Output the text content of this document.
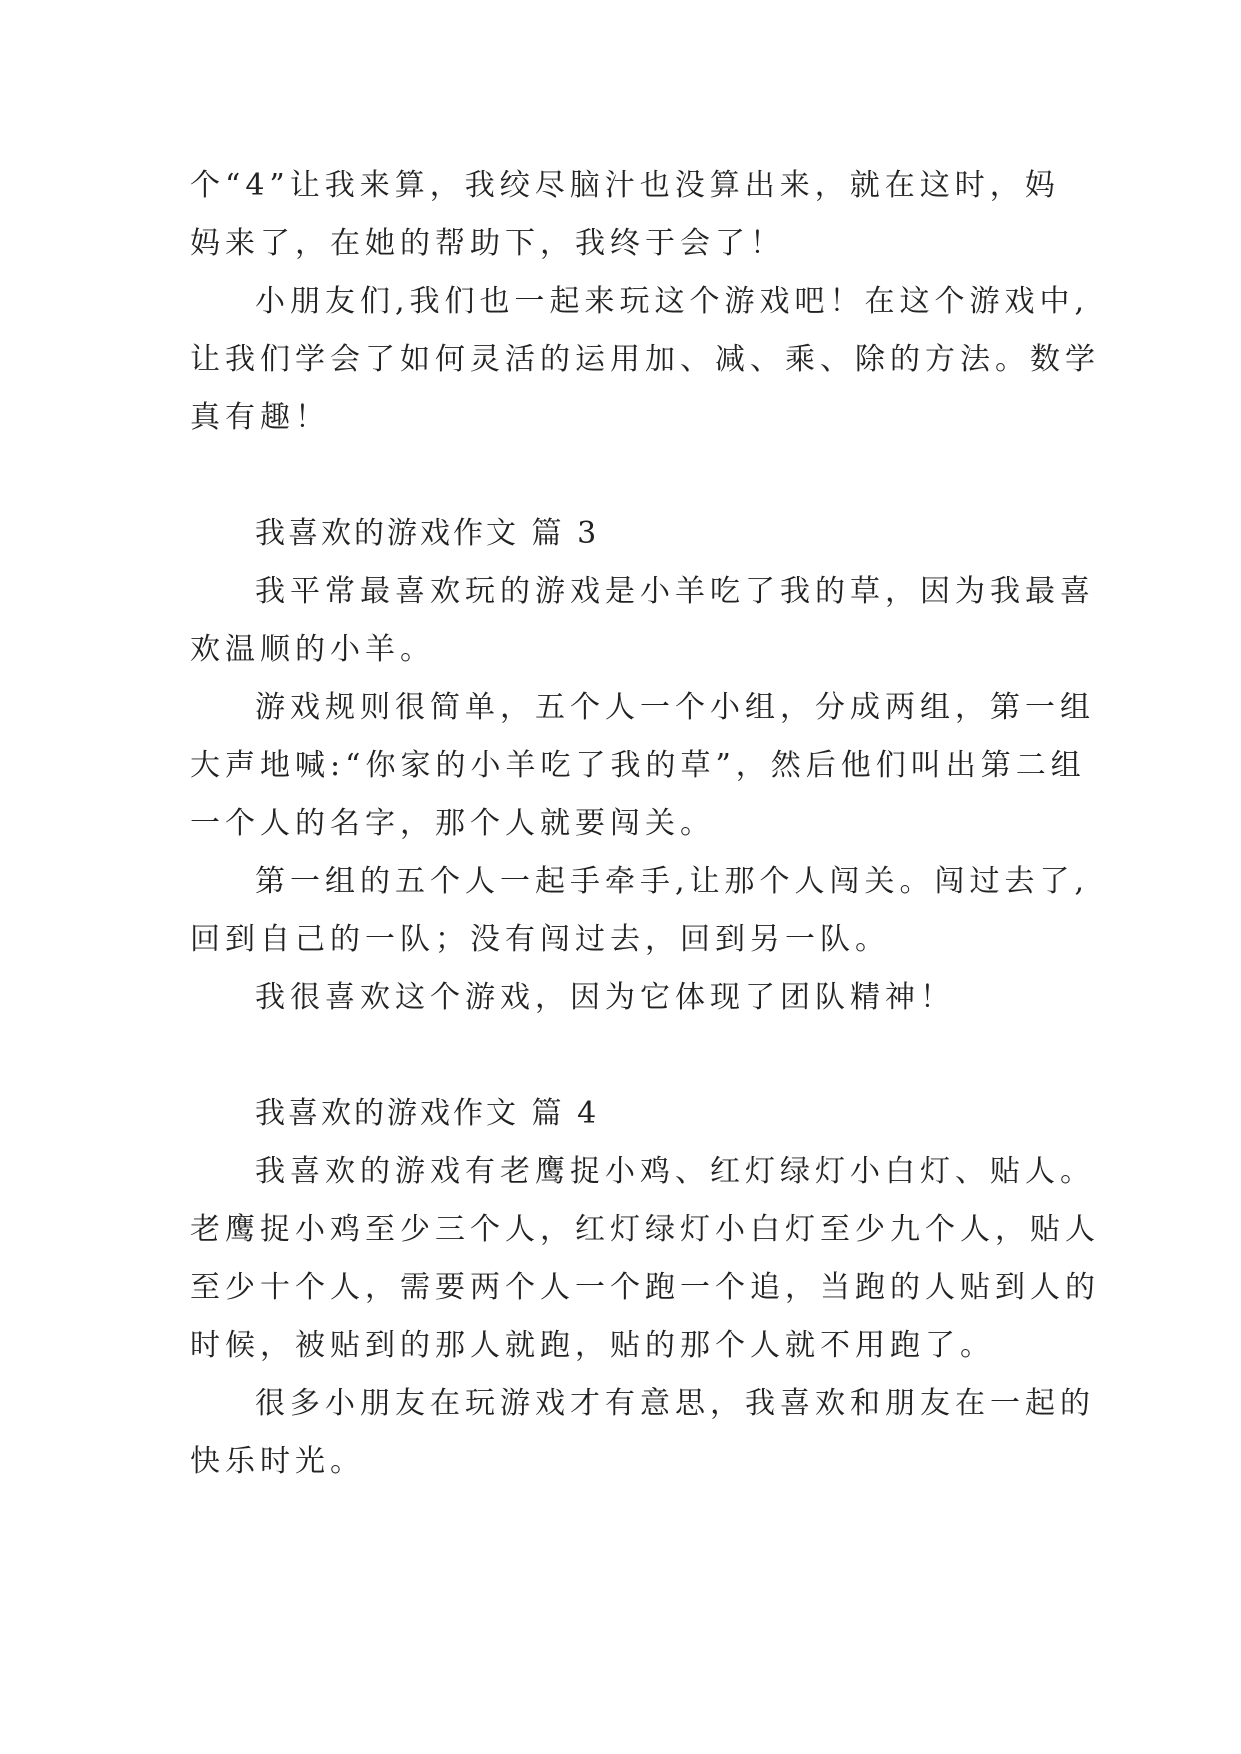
个“4”让我来算，我绞尽脑汁也没算出来，就在这时，妈
妈来了，在她的帮助下，我终于会了！
小朋友们,我们也一起来玩这个游戏吧！在这个游戏中,
让我们学会了如何灵活的运用加、减、乘、除的方法。数学
真有趣！
我喜欢的游戏作文 篇 3
我平常最喜欢玩的游戏是小羊吃了我的草，因为我最喜
欢温顺的小羊。
游戏规则很简单，五个人一个小组，分成两组，第一组
大声地喊:“你家的小羊吃了我的草”，然后他们叫出第二组
一个人的名字，那个人就要闯关。
第一组的五个人一起手牵手,让那个人闯关。闯过去了,
回到自己的一队；没有闯过去，回到另一队。
我很喜欢这个游戏，因为它体现了团队精神！
我喜欢的游戏作文 篇 4
我喜欢的游戏有老鹰捉小鸡、红灯绿灯小白灯、贴人。
老鹰捉小鸡至少三个人，红灯绿灯小白灯至少九个人，贴人
至少十个人，需要两个人一个跑一个追，当跑的人贴到人的
时候，被贴到的那人就跑，贴的那个人就不用跑了。
很多小朋友在玩游戏才有意思，我喜欢和朋友在一起的
快乐时光。
